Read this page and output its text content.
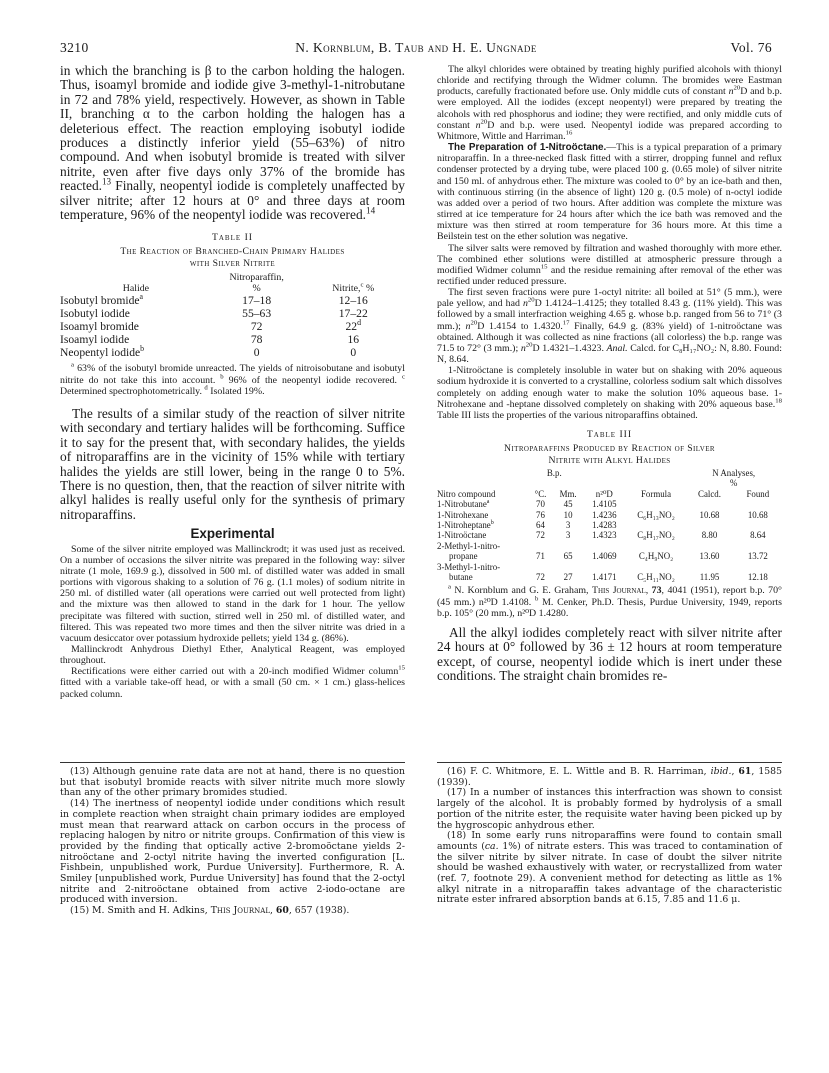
3210	N. Kornblum, B. Taub and H. E. Ungnade	Vol. 76

in which the branching is β to the carbon holding the halogen. Thus, isoamyl bromide and iodide give 3-methyl-1-nitrobutane in 72 and 78% yield, respectively. However, as shown in Table II, branching α to the carbon holding the halogen has a deleterious effect. The reaction employing isobutyl iodide produces a distinctly inferior yield (55–63%) of nitro compound. And when isobutyl bromide is treated with silver nitrite, even after five days only 37% of the bromide has reacted.$^{13}$ Finally, neopentyl iodide is completely unaffected by silver nitrite; after 12 hours at 0° and three days at room temperature, 96% of the neopentyl iodide was recovered.$^{14}$

Table II

The Reaction of Branched-Chain Primary Halides

with Silver Nitrite

	Nitroparaffin,	
Halide	%	Nitrite,$^c$ %
Isobutyl bromide$^a$	17–18	12–16
Isobutyl iodide	55–63	17–22
Isoamyl bromide	72	22$^d$
Isoamyl iodide	78	16
Neopentyl iodide$^b$	0	0

$^a$ 63% of the isobutyl bromide unreacted. The yields of nitroisobutane and isobutyl nitrite do not take this into account. $^b$ 96% of the neopentyl iodide recovered. $^c$ Determined spectrophotometrically. $^d$ Isolated 19%.

The results of a similar study of the reaction of silver nitrite with secondary and tertiary halides will be forthcoming. Suffice it to say for the present that, with secondary halides, the yields of nitroparaffins are in the vicinity of 15% while with tertiary halides the yields are still lower, being in the range 0 to 5%. There is no question, then, that the reaction of silver nitrite with alkyl halides is really useful only for the synthesis of primary nitroparaffins.

Experimental

Some of the silver nitrite employed was Mallinckrodt; it was used just as received. On a number of occasions the silver nitrite was prepared in the following way: silver nitrate (1 mole, 169.9 g.), dissolved in 500 ml. of distilled water was added in small portions with vigorous shaking to a solution of 76 g. (1.1 moles) of sodium nitrite in 250 ml. of distilled water (all operations were carried out well protected from light) and the mixture was then allowed to stand in the dark for 1 hour. The yellow precipitate was filtered with suction, stirred well in 250 ml. of distilled water, and filtered. This was repeated two more times and then the silver nitrite was dried in a vacuum desiccator over potassium hydroxide pellets; yield 134 g. (86%).

Mallinckrodt Anhydrous Diethyl Ether, Analytical Reagent, was employed throughout.

Rectifications were either carried out with a 20-inch modified Widmer column$^{15}$ fitted with a variable take-off head, or with a small (50 cm. × 1 cm.) glass-helices packed column.

The alkyl chlorides were obtained by treating highly purified alcohols with thionyl chloride and rectifying through the Widmer column. The bromides were Eastman products, carefully fractionated before use. Only middle cuts of constant $n^{20}D$ and b.p. were employed. All the iodides (except neopentyl) were prepared by treating the alcohols with red phosphorus and iodine; they were rectified, and only middle cuts of constant $n^{20}D$ and b.p. were used. Neopentyl iodide was prepared according to Whitmore, Wittle and Harriman.$^{16}$

The Preparation of 1-Nitroöctane.—This is a typical preparation of a primary nitroparaffin. In a three-necked flask fitted with a stirrer, dropping funnel and reflux condenser protected by a drying tube, were placed 100 g. (0.65 mole) of silver nitrite and 150 ml. of anhydrous ether. The mixture was cooled to 0° by an ice-bath and then, with continuous stirring (in the absence of light) 120 g. (0.5 mole) of n-octyl iodide was added over a period of two hours. After addition was complete the mixture was stirred at ice temperature for 24 hours after which the ice bath was removed and the mixture was then stirred at room temperature for 36 hours more. At this time a Beilstein test on the ether solution was negative.

The silver salts were removed by filtration and washed thoroughly with more ether. The combined ether solutions were distilled at atmospheric pressure through a modified Widmer column$^{15}$ and the residue remaining after removal of the ether was rectified under reduced pressure.

The first seven fractions were pure 1-octyl nitrite: all boiled at 51° (5 mm.), were pale yellow, and had $n^{20}D$ 1.4124–1.4125; they totalled 8.43 g. (11% yield). This was followed by a small interfraction weighing 4.65 g. whose b.p. ranged from 56 to 71° (3 mm.); $n^{20}D$ 1.4154 to 1.4320.17 Finally, 64.9 g. (83% yield) of 1-nitroöctane was obtained. Although it was collected as nine fractions (all colorless) the b.p. range was 71.5 to 72° (3 mm.); $n^{20}D$ 1.4321–1.4323. Anal. Calcd. for C₈H₁₇NO₂: N, 8.80. Found: N, 8.64.

1-Nitroöctane is completely insoluble in water but on shaking with 20% aqueous sodium hydroxide it is converted to a crystalline, colorless sodium salt which dissolves completely on adding enough water to make the solution 10% aqueous base. 1-Nitrohexane and -heptane dissolved completely on shaking with 20% aqueous base.$^{18}$ Table III lists the properties of the various nitroparaffins obtained.

Table III

Nitroparaffins Produced by Reaction of Silver

Nitrite with Alkyl Halides

	B.p.				N Analyses,	
					%	
Nitro compound	°C.	Mm.	n²⁰D	Formula	Calcd.	Found
1-Nitrobutane$^a$	70	45	1.4105			
1-Nitrohexane	76	10	1.4236	C₆H₁₃NO₂	10.68	10.68
1-Nitroheptane$^b$	64	3	1.4283			
1-Nitroöctane	72	3	1.4323	C₈H₁₇NO₂	8.80	8.64
2-Methyl-1-nitro-						
propane	71	65	1.4069	C₄H₉NO₂	13.60	13.72
3-Methyl-1-nitro-						
butane	72	27	1.4171	C₅H₁₁NO₂	11.95	12.18

$^a$ N. Kornblum and G. E. Graham, This Journal, 73, 4041 (1951), report b.p. 70° (45 mm.) n²⁰D 1.4108. $^b$ M. Cenker, Ph.D. Thesis, Purdue University, 1949, reports b.p. 105° (20 mm.), n²⁰D 1.4280.

All the alkyl iodides completely react with silver nitrite after 24 hours at 0° followed by 36 ± 12 hours at room temperature except, of course, neopentyl iodide which is inert under these conditions. The straight chain bromides re-

(13) Although genuine rate data are not at hand, there is no question but that isobutyl bromide reacts with silver nitrite much more slowly than any of the other primary bromides studied.

(14) The inertness of neopentyl iodide under conditions which result in complete reaction when straight chain primary iodides are employed must mean that rearward attack on carbon occurs in the process of replacing halogen by nitro or nitrite groups. Confirmation of this view is provided by the finding that optically active 2-bromoöctane yields 2-nitroöctane and 2-octyl nitrite having the inverted configuration [L. Fishbein, unpublished work, Purdue University]. Furthermore, R. A. Smiley [unpublished work, Purdue University] has found that the 2-octyl nitrite and 2-nitroöctane obtained from active 2-iodo-octane are produced with inversion.

(15) M. Smith and H. Adkins, This Journal, 60, 657 (1938).

(16) F. C. Whitmore, E. L. Wittle and B. R. Harriman, ibid., 61, 1585 (1939).

(17) In a number of instances this interfraction was shown to consist largely of the alcohol. It is probably formed by hydrolysis of a small portion of the nitrite ester, the requisite water having been picked up by the hygroscopic anhydrous ether.

(18) In some early runs nitroparaffins were found to contain small amounts (ca. 1%) of nitrate esters. This was traced to contamination of the silver nitrite by silver nitrate. In case of doubt the silver nitrite should be washed exhaustively with water, or recrystallized from water (ref. 7, footnote 29). A convenient method for detecting as little as 1% alkyl nitrate in a nitroparaffin takes advantage of the characteristic nitrate ester infrared absorption bands at 6.15, 7.85 and 11.6 μ.
